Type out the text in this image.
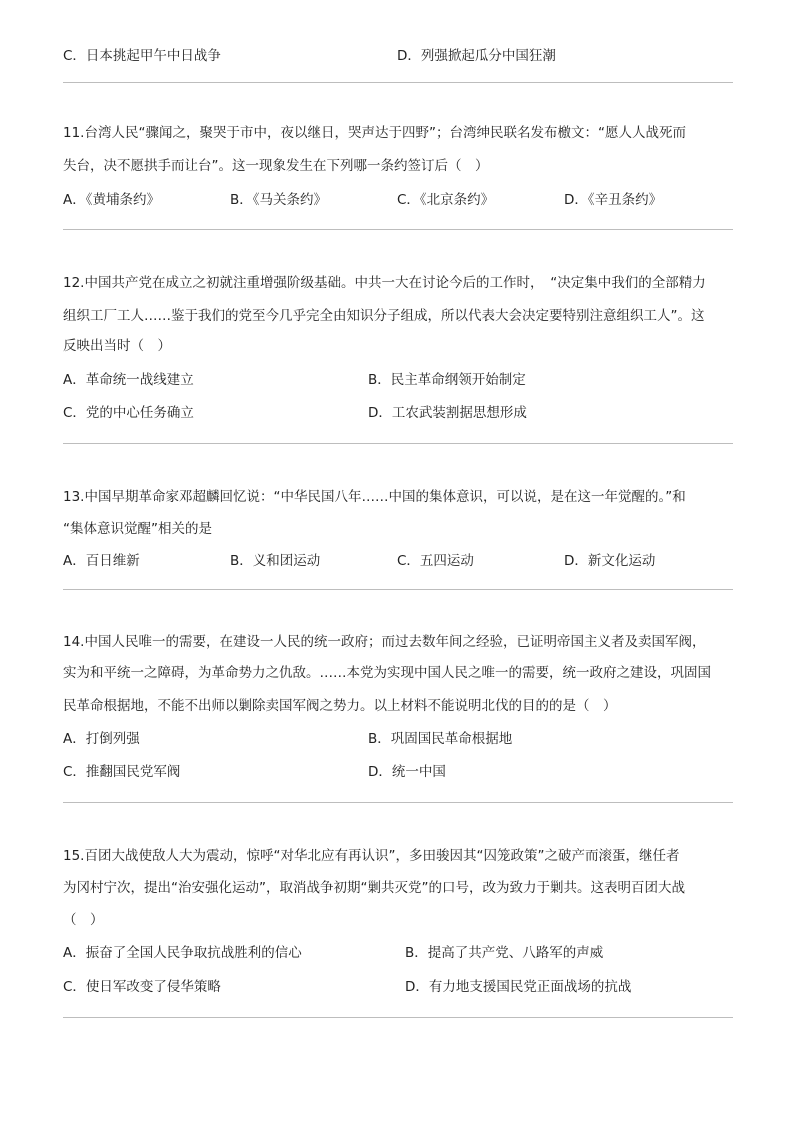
C．日本挑起甲午中日战争	D．列强掀起瓜分中国狂潮
11.台湾人民“骤闻之，聚哭于市中，夜以继日，哭声达于四野”；台湾绅民联名发布檄文：“愿人人战死而
失台，决不愿拱手而让台”。这一现象发生在下列哪一条约签订后（　）
A．《黄埔条约》	B．《马关条约》	C．《北京条约》	D．《辛丑条约》
12.中国共产党在成立之初就注重增强阶级基础。中共一大在讨论今后的工作时，　“决定集中我们的全部精力
组织工厂工人……鉴于我们的党至今几乎完全由知识分子组成，所以代表大会决定要特别注意组织工人”。这
反映出当时（　）
A．革命统一战线建立	B．民主革命纲领开始制定
C．党的中心任务确立	D．工农武装割据思想形成
13.中国早期革命家邓超麟回忆说：“中华民国八年……中国的集体意识，可以说，是在这一年觉醒的。”和
“集体意识觉醒”相关的是
A．百日维新	B．义和团运动	C．五四运动	D．新文化运动
14.中国人民唯一的需要，在建设一人民的统一政府；而过去数年间之经验，已证明帝国主义者及卖国军阀，
实为和平统一之障碍，为革命势力之仇敌。……本党为实现中国人民之唯一的需要，统一政府之建设，巩固国
民革命根据地，不能不出师以剿除卖国军阀之势力。以上材料不能说明北伐的目的的是（　）
A．打倒列强	B．巩固国民革命根据地
C．推翻国民党军阀	D．统一中国
15.百团大战使敌人大为震动，惊呼“对华北应有再认识”，多田骏因其“囚笼政策”之破产而滚蛋，继任者
为冈村宁次，提出“治安强化运动”，取消战争初期“剿共灭党”的口号，改为致力于剿共。这表明百团大战
（　）
A．振奋了全国人民争取抗战胜利的信心	B．提高了共产党、八路军的声威
C．使日军改变了侵华策略	D．有力地支援国民党正面战场的抗战
